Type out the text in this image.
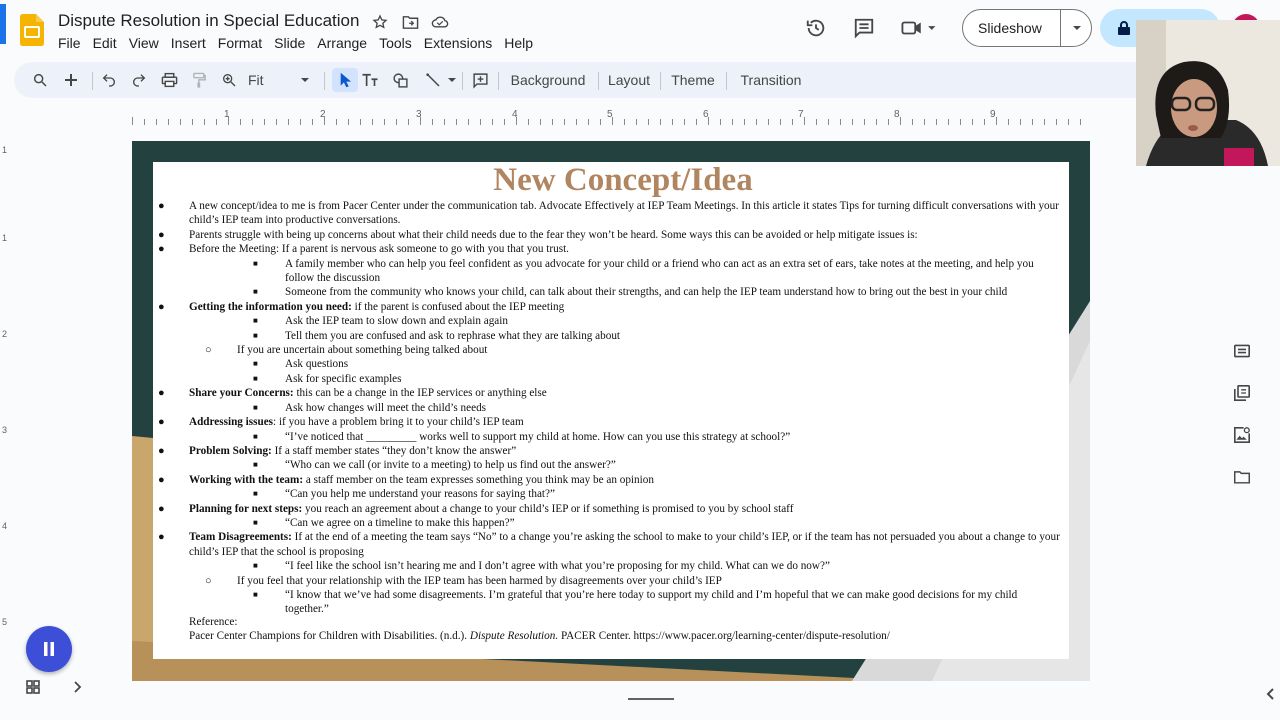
Dispute Resolution in Special Education
File Edit View Insert Format Slide Arrange Tools Extensions Help
Slideshow
Fit	Background	Layout	Theme	Transition
1	2	3	4	5	6	7	8	9
1
1
2
3
4
5
New Concept/Idea
● A new concept/idea to me is from Pacer Center under the communication tab. Advocate Effectively at IEP Team Meetings. In this article it states Tips for turning difficult conversations with your child’s IEP team into productive conversations.
● Parents struggle with being up concerns about what their child needs due to the fear they won’t be heard. Some ways this can be avoided or help mitigate issues is:
● Before the Meeting: If a parent is nervous ask someone to go with you that you trust.
■ A family member who can help you feel confident as you advocate for your child or a friend who can act as an extra set of ears, take notes at the meeting, and help you follow the discussion
■ Someone from the community who knows your child, can talk about their strengths, and can help the IEP team understand how to bring out the best in your child
● Getting the information you need: if the parent is confused about the IEP meeting
■ Ask the IEP team to slow down and explain again
■ Tell them you are confused and ask to rephrase what they are talking about
○ If you are uncertain about something being talked about
■ Ask questions
■ Ask for specific examples
● Share your Concerns: this can be a change in the IEP services or anything else
■ Ask how changes will meet the child’s needs
● Addressing issues: if you have a problem bring it to your child’s IEP team
■ “I’ve noticed that _________ works well to support my child at home. How can you use this strategy at school?”
● Problem Solving: If a staff member states “they don’t know the answer”
■ “Who can we call (or invite to a meeting) to help us find out the answer?”
● Working with the team: a staff member on the team expresses something you think may be an opinion
■ “Can you help me understand your reasons for saying that?”
● Planning for next steps: you reach an agreement about a change to your child’s IEP or if something is promised to you by school staff
■ “Can we agree on a timeline to make this happen?”
● Team Disagreements: If at the end of a meeting the team says “No” to a change you’re asking the school to make to your child’s IEP, or if the team has not persuaded you about a change to your child’s IEP that the school is proposing
■ “I feel like the school isn’t hearing me and I don’t agree with what you’re proposing for my child. What can we do now?”
○ If you feel that your relationship with the IEP team has been harmed by disagreements over your child’s IEP
■ “I know that we’ve had some disagreements. I’m grateful that you’re here today to support my child and I’m hopeful that we can make good decisions for my child together.”
Reference:
Pacer Center Champions for Children with Disabilities. (n.d.). Dispute Resolution. PACER Center. https://www.pacer.org/learning-center/dispute-resolution/
